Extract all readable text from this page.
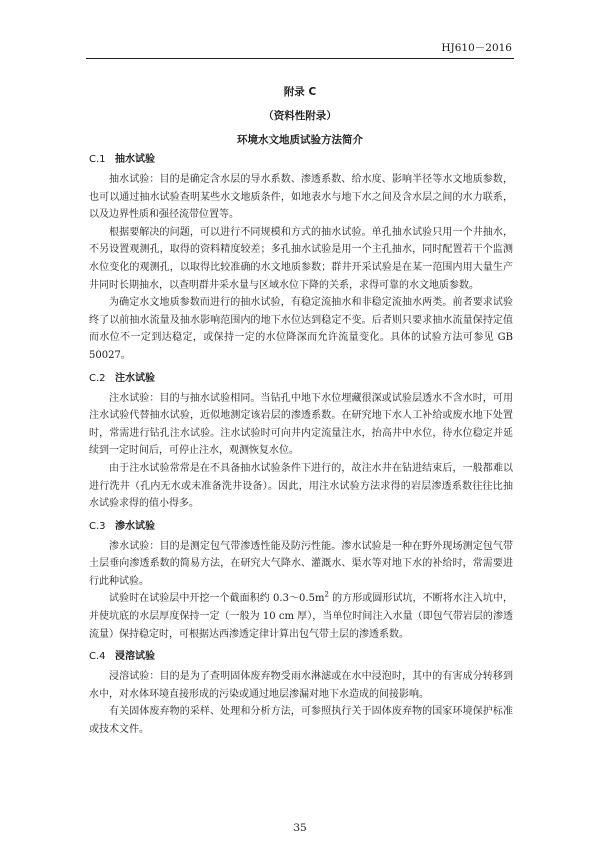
HJ610－2016
附录 C
（资料性附录）
环境水文地质试验方法简介
35
C.1 抽水试验

抽水试验：目的是确定含水层的导水系数、渗透系数、给水度、影响半径等水文地质参数，也可以通过抽水试验查明某些水文地质条件，如地表水与地下水之间及含水层之间的水力联系，以及边界性质和强径流带位置等。

根据要解决的问题，可以进行不同规模和方式的抽水试验。单孔抽水试验只用一个井抽水，不另设置观测孔，取得的资料精度较差；多孔抽水试验是用一个主孔抽水，同时配置若干个监测水位变化的观测孔，以取得比较准确的水文地质参数；群井开采试验是在某一范围内用大量生产井同时长期抽水，以查明群井采水量与区域水位下降的关系，求得可靠的水文地质参数。

为确定水文地质参数而进行的抽水试验，有稳定流抽水和非稳定流抽水两类。前者要求试验终了以前抽水流量及抽水影响范围内的地下水位达到稳定不变。后者则只要求抽水流量保持定值而水位不一定到达稳定，或保持一定的水位降深而允许流量变化。具体的试验方法可参见 GB 50027。

C.2 注水试验

注水试验：目的与抽水试验相同。当钻孔中地下水位埋藏很深或试验层透水不含水时，可用注水试验代替抽水试验，近似地测定该岩层的渗透系数。在研究地下水人工补给或废水地下处置时，常需进行钻孔注水试验。注水试验时可向井内定流量注水，抬高井中水位，待水位稳定并延续到一定时间后，可停止注水，观测恢复水位。

由于注水试验常常是在不具备抽水试验条件下进行的，故注水井在钻进结束后，一般都难以进行洗井（孔内无水或未准备洗井设备）。因此，用注水试验方法求得的岩层渗透系数往往比抽水试验求得的值小得多。

C.3 渗水试验

渗水试验：目的是测定包气带渗透性能及防污性能。渗水试验是一种在野外现场测定包气带土层垂向渗透系数的简易方法，在研究大气降水、灌溉水、渠水等对地下水的补给时，常需要进行此种试验。

试验时在试验层中开挖一个截面积约 $0.3\sim 0.5m^2$ 的方形或圆形试坑，不断将水注入坑中，并使坑底的水层厚度保持一定（一般为 10 cm 厚），当单位时间注入水量（即包气带岩层的渗透流量）保持稳定时，可根据达西渗透定律计算出包气带土层的渗透系数。

C.4 浸溶试验

浸溶试验：目的是为了查明固体废弃物受雨水淋滤或在水中浸泡时，其中的有害成分转移到水中，对水体环境直接形成的污染或通过地层渗漏对地下水造成的间接影响。

有关固体废弃物的采样、处理和分析方法，可参照执行关于固体废弃物的国家环境保护标准或技术文件。
